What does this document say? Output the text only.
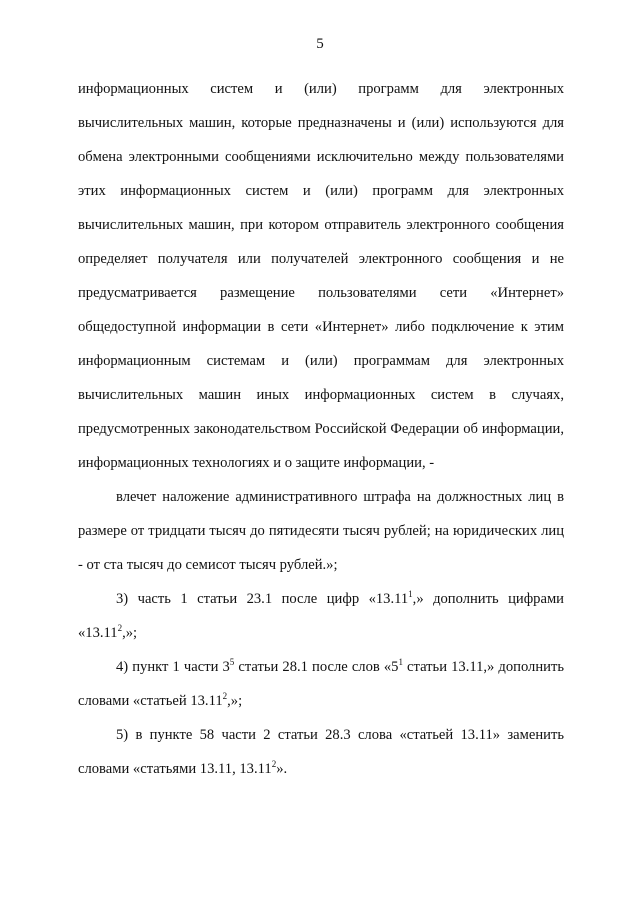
5

информационных систем и (или) программ для электронных вычислительных машин, которые предназначены и (или) используются для обмена электронными сообщениями исключительно между пользователями этих информационных систем и (или) программ для электронных вычислительных машин, при котором отправитель электронного сообщения определяет получателя или получателей электронного сообщения и не предусматривается размещение пользователями сети «Интернет» общедоступной информации в сети «Интернет» либо подключение к этим информационным системам и (или) программам для электронных вычислительных машин иных информационных систем в случаях, предусмотренных законодательством Российской Федерации об информации, информационных технологиях и о защите информации, -

влечет наложение административного штрафа на должностных лиц в размере от тридцати тысяч до пятидесяти тысяч рублей; на юридических лиц - от ста тысяч до семисот тысяч рублей.»;

3) часть 1 статьи 23.1 после цифр «13.11$^1$,» дополнить цифрами «13.11$^2$,»;

4) пункт 1 части $3^5$ статьи 28.1 после слов «$5^1$ статьи 13.11,» дополнить словами «статьей 13.11$^2$,»;

5) в пункте 58 части 2 статьи 28.3 слова «статьей 13.11» заменить словами «статьями 13.11, 13.11$^2$».
